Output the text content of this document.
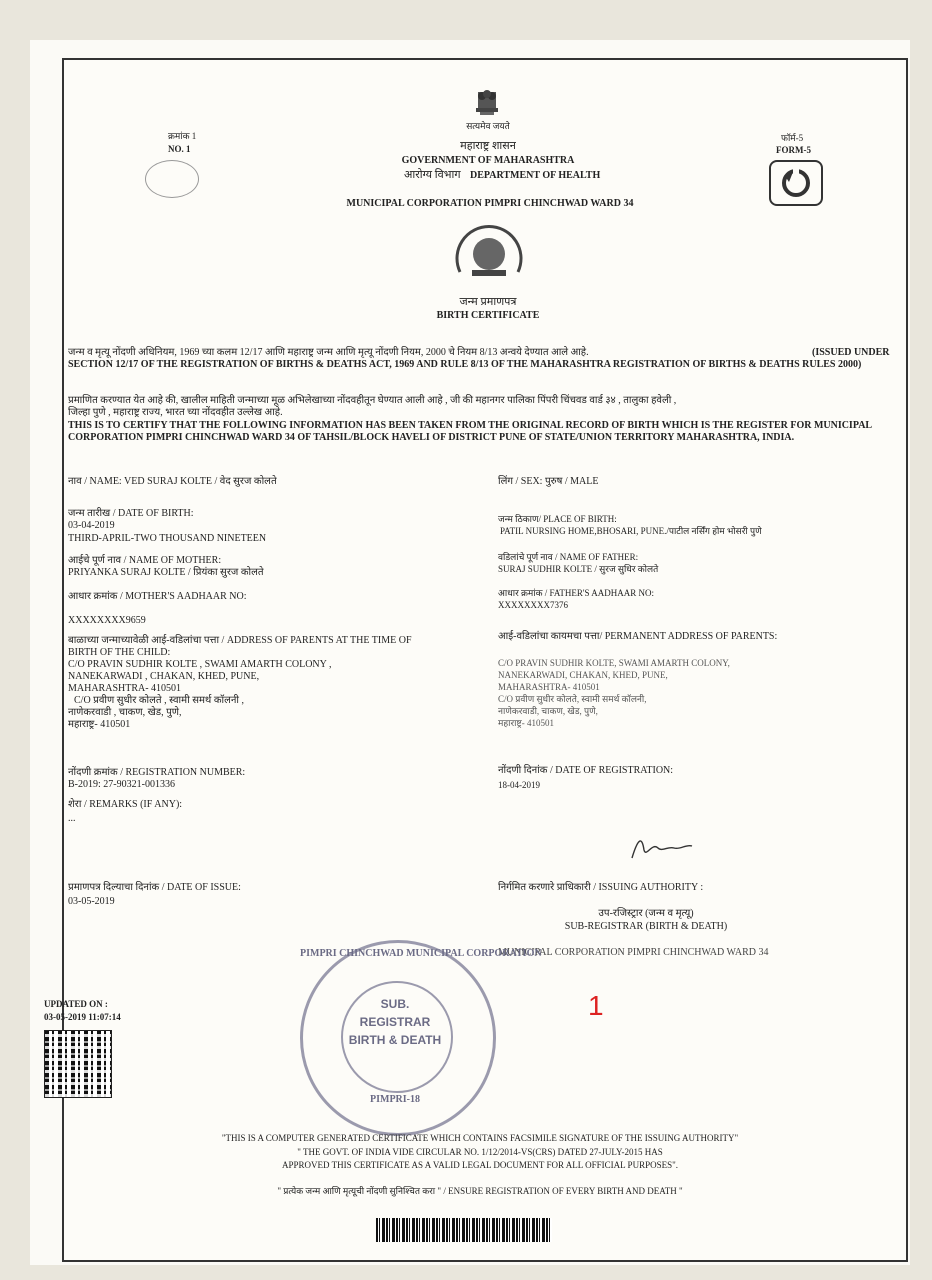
सत्यमेव जयते
क्रमांक 1
NO. 1
फॉर्म-5
FORM-5
महाराष्ट्र शासन
GOVERNMENT OF MAHARASHTRA
आरोग्य विभाग DEPARTMENT OF HEALTH
MUNICIPAL CORPORATION PIMPRI CHINCHWAD WARD 34
जन्म प्रमाणपत्र
BIRTH CERTIFICATE
जन्म व मृत्यू नोंदणी अधिनियम, 1969 च्या कलम 12/17 आणि महाराष्ट्र जन्म आणि मृत्यू नोंदणी नियम, 2000 चे नियम 8/13 अन्वये देण्यात आले आहे.	(ISSUED UNDER
SECTION 12/17 OF THE REGISTRATION OF BIRTHS & DEATHS ACT, 1969 AND RULE 8/13 OF THE MAHARASHTRA REGISTRATION OF BIRTHS & DEATHS RULES 2000)
प्रमाणित करण्यात येत आहे की, खालील माहिती जन्माच्या मूळ अभिलेखाच्या नोंदवहीतून घेण्यात आली आहे , जी की महानगर पालिका पिंपरी चिंचवड वार्ड ३४ , तालुका हवेली ,
जिल्हा पुणे , महाराष्ट्र राज्य, भारत च्या नोंदवहीत उल्लेख आहे.
THIS IS TO CERTIFY THAT THE FOLLOWING INFORMATION HAS BEEN TAKEN FROM THE ORIGINAL RECORD OF BIRTH WHICH IS THE REGISTER FOR MUNICIPAL
CORPORATION PIMPRI CHINCHWAD WARD 34 OF TAHSIL/BLOCK HAVELI OF DISTRICT PUNE OF STATE/UNION TERRITORY MAHARASHTRA, INDIA.
नाव / NAME: VED SURAJ KOLTE / वेद सुरज कोलते
जन्म तारीख / DATE OF BIRTH:
03-04-2019
THIRD-APRIL-TWO THOUSAND NINETEEN
आईचे पूर्ण नाव / NAME OF MOTHER:
PRIYANKA SURAJ KOLTE / प्रियंका सुरज कोलते
आधार क्रमांक / MOTHER'S AADHAAR NO:
XXXXXXXX9659
बाळाच्या जन्माच्यावेळी आई-वडिलांचा पत्ता / ADDRESS OF PARENTS AT THE TIME OF
BIRTH OF THE CHILD:
C/O PRAVIN SUDHIR KOLTE , SWAMI AMARTH COLONY ,
NANEKARWADI , CHAKAN, KHED, PUNE,
MAHARASHTRA- 410501
C/O प्रवीण सुधीर कोलते , स्वामी समर्थ कॉलनी ,
नाणेकरवाडी , चाकण, खेड, पुणे,
महाराष्ट्र- 410501
नोंदणी क्रमांक / REGISTRATION NUMBER:
B-2019: 27-90321-001336
शेरा / REMARKS (IF ANY):
...
प्रमाणपत्र दिल्याचा दिनांक / DATE OF ISSUE:
03-05-2019
लिंग / SEX: पुरुष / MALE
जन्म ठिकाण/ PLACE OF BIRTH:
PATIL NURSING HOME,BHOSARI, PUNE./पाटील नर्सिंग होम भोसरी पुणे
वडिलांचे पूर्ण नाव / NAME OF FATHER:
SURAJ SUDHIR KOLTE / सुरज सुधिर कोलते
आधार क्रमांक / FATHER'S AADHAAR NO:
XXXXXXXX7376
आई-वडिलांचा कायमचा पत्ता/ PERMANENT ADDRESS OF PARENTS:
C/O PRAVIN SUDHIR KOLTE, SWAMI AMARTH COLONY,
NANEKARWADI, CHAKAN, KHED, PUNE,
MAHARASHTRA- 410501
C/O प्रवीण सुधीर कोलते, स्वामी समर्थ कॉलनी,
नाणेकरवाडी, चाकण, खेड, पुणे,
महाराष्ट्र- 410501
नोंदणी दिनांक / DATE OF REGISTRATION:
18-04-2019
निर्गमित करणारे प्राधिकारी / ISSUING AUTHORITY :
उप-रजिस्ट्रार (जन्म व मृत्यू)
SUB-REGISTRAR (BIRTH & DEATH)
MUNICIPAL CORPORATION PIMPRI CHINCHWAD WARD 34
PIMPRI CHINCHWAD MUNICIPAL CORPORATION
SUB.
REGISTRAR
BIRTH & DEATH
PIMPRI-18
1
UPDATED ON :
03-05-2019 11:07:14
"THIS IS A COMPUTER GENERATED CERTIFICATE WHICH CONTAINS FACSIMILE SIGNATURE OF THE ISSUING AUTHORITY"
" THE GOVT. OF INDIA VIDE CIRCULAR NO. 1/12/2014-VS(CRS) DATED 27-JULY-2015 HAS
APPROVED THIS CERTIFICATE AS A VALID LEGAL DOCUMENT FOR ALL OFFICIAL PURPOSES".
" प्रत्येक जन्म आणि मृत्यूची नोंदणी सुनिश्चित करा " / ENSURE REGISTRATION OF EVERY BIRTH AND DEATH "
